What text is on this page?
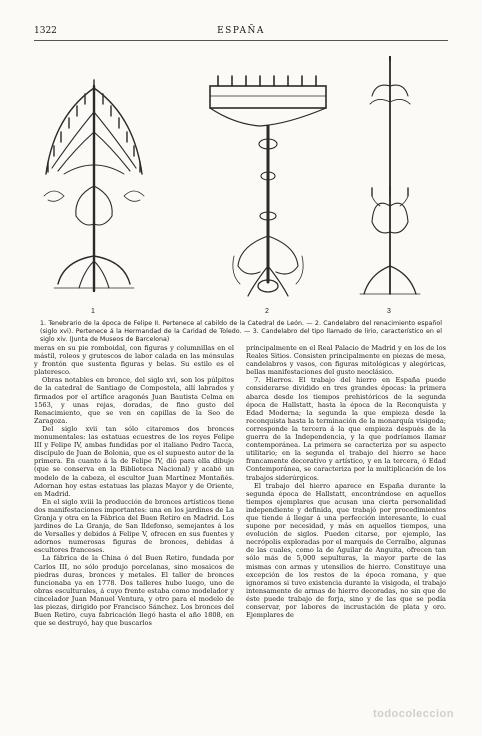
1322	ESPAÑA
1	2	3
1. Tenebrario de la época de Felipe II. Pertenece al cabildo de la Catedral de León. — 2. Candelabro del renacimiento español (siglo xvi). Pertenece á la Hermandad de la Caridad de Toledo. — 3. Candelabro del tipo llamado de lirio, característico en el siglo xiv. (Junta de Museos de Barcelona)

meras en su pie romboidal, con figuras y columnillas en el mástil, roleos y grutescos de labor calada en las ménsulas y frontón que sustenta figuras y belas. Su estilo es el plateresco.

Obras notables en bronce, del siglo xvi, son los púlpitos de la catedral de Santiago de Compostela, allí labrados y firmados por el artífice aragonés Juan Bautista Celma en 1563, y unas rejas, doradas, de fino gusto del Renacimiento, que se ven en capillas de la Seo de Zaragoza.

Del siglo xvii tan sólo citaremos dos bronces monumentales: las estatuas ecuestres de los reyes Felipe III y Felipe IV, ambas fundidas por el italiano Pedro Tacca, discípulo de Juan de Bolonia, que es el supuesto autor de la primera. En cuanto á la de Felipe IV, dió para ella dibujo (que se conserva en la Biblioteca Nacional) y acabó un modelo de la cabeza, el escultor Juan Martínez Montañés. Adornan hoy estas estatuas las plazas Mayor y de Oriente, en Madrid.

En el siglo xviii la producción de bronces artísticos tiene dos manifestaciones importantes: una en los jardines de La Granja y otra en la Fábrica del Buen Retiro en Madrid. Los jardines de La Granja, de San Ildefonso, semejantes á los de Versalles y debidos á Felipe V, ofrecen en sus fuentes y adornos numerosas figuras de bronces, debidas á escultores franceses.

La fábrica de la China ó del Buen Retiro, fundada por Carlos III, no sólo produjo porcelanas, sino mosaicos de piedras duras, bronces y metales. El taller de bronces funcionaba ya en 1778. Dos talleres hubo luego, uno de obras esculturales, á cuyo frente estaba como modelador y cincelador Juan Manuel Ventura, y otro para el modelo de las piezas, dirigido por Francisco Sánchez. Los bronces del Buen Retiro, cuya fabricación llegó hasta el año 1808, en que se destruyó, hay que buscarlos

principalmente en el Real Palacio de Madrid y en los de los Reales Sitios. Consisten principalmente en piezas de mesa, candelabros y vasos, con figuras mitológicas y alegóricas, bellas manifestaciones del gusto neoclásico.

7. Hierros. El trabajo del hierro en España puede considerarse dividido en tres grandes épocas: la primera abarca desde los tiempos prehistóricos de la segunda época de Hallstatt, hasta la época de la Reconquista y Edad Moderna; la segunda la que empieza desde la reconquista hasta la terminación de la monarquía visigoda; corresponde la tercera á la que empieza después de la guerra de la Independencia, y la que podríamos llamar contemporánea. La primera se caracteriza por su aspecto utilitario; en la segunda el trabajo del hierro se hace francamente decorativo y artístico, y en la tercera, ó Edad Contemporánea, se caracteriza por la multiplicación de los trabajos siderúrgicos.

El trabajo del hierro aparece en España durante la segunda época de Hallstatt, encontrándose en aquellos tiempos ejemplares que acusan una cierta personalidad independiente y definida, que trabajó por procedimientos que tiende á llegar á una perfección interesante, lo cual supone por necesidad, y más en aquellos tiempos, una evolución de siglos. Pueden citarse, por ejemplo, las necrópolis exploradas por el marqués de Cerralbo, algunas de las cuales, como la de Aguilar de Anguita, ofrecen tan sólo más de 5,000 sepulturas, la mayor parte de las mismas con armas y utensilios de hierro. Constituye una excepción de los restos de la época romana, y que ignoramos si tuvo existencia durante la visigoda, el trabajo intensamente de armas de hierro decoradas, no sin que de éste puede trabajo de forja, sino y de las que se podía conservar, por labores de incrustación de plata y oro. Ejemplares de

todocoleccion
